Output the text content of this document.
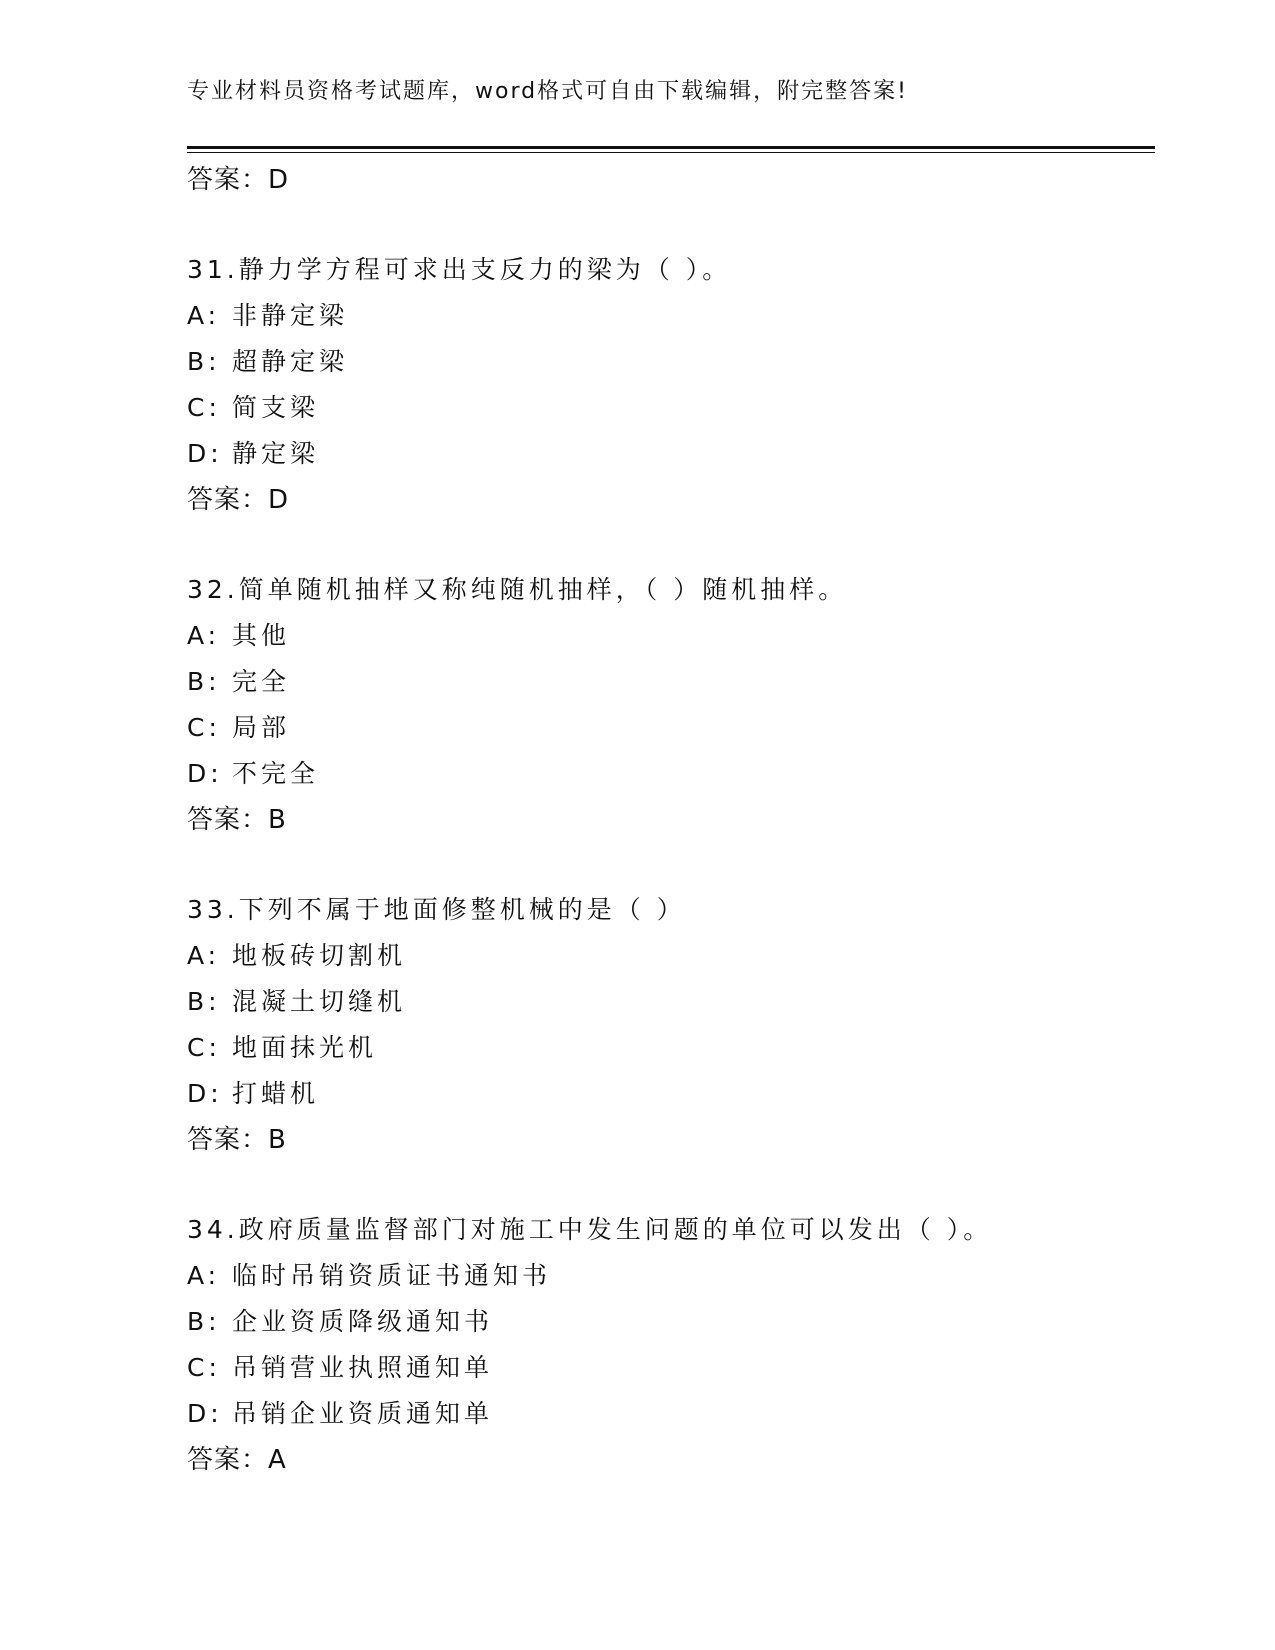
专业材料员资格考试题库，word格式可自由下载编辑，附完整答案!
答案：D
31.静力学方程可求出支反力的梁为（ ）。
A: 非静定梁
B: 超静定梁
C: 简支梁
D: 静定梁
答案：D
32.简单随机抽样又称纯随机抽样，（ ）随机抽样。
A: 其他
B: 完全
C: 局部
D: 不完全
答案：B
33.下列不属于地面修整机械的是（ ）
A: 地板砖切割机
B: 混凝土切缝机
C: 地面抹光机
D: 打蜡机
答案：B
34.政府质量监督部门对施工中发生问题的单位可以发出（ ）。
A: 临时吊销资质证书通知书
B: 企业资质降级通知书
C: 吊销营业执照通知单
D: 吊销企业资质通知单
答案：A
